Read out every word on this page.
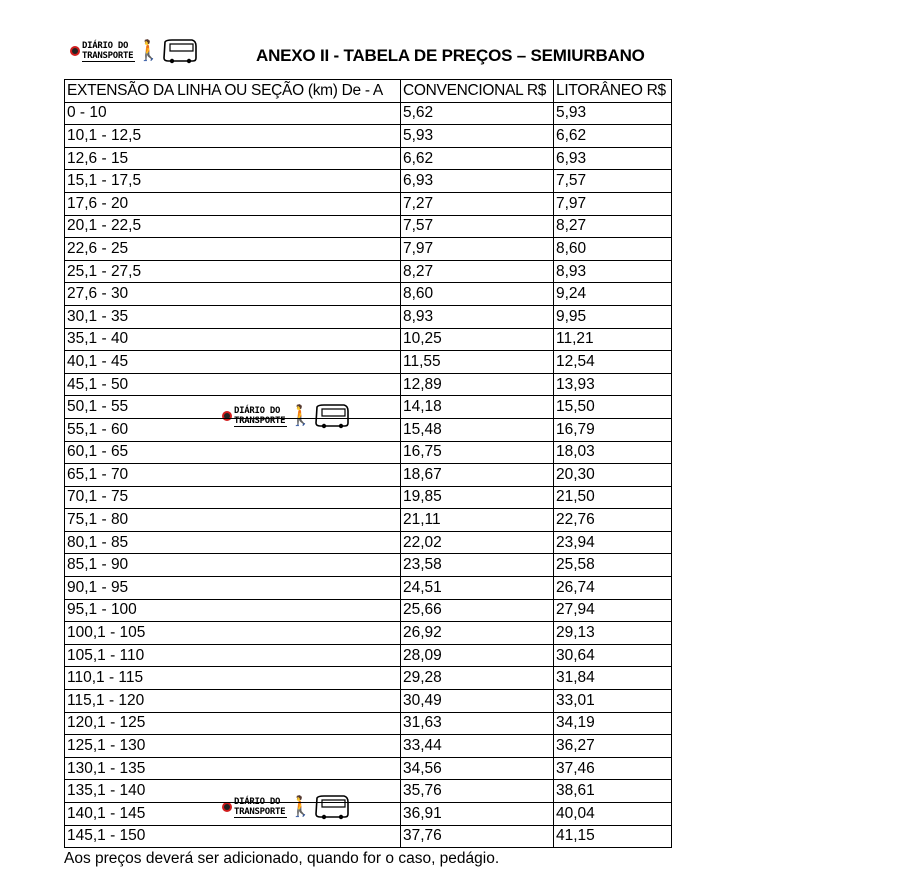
DIÁRIO DO
TRANSPORTE 🚶	ANEXO II - TABELA DE PREÇOS – SEMIURBANO
DIÁRIO DO
TRANSPORTE 🚶
DIÁRIO DO
TRANSPORTE 🚶
EXTENSÃO DA LINHA OU SEÇÃO (km) De - A	CONVENCIONAL R$	LITORÂNEO R$
0 - 10	5,62	5,93
10,1 - 12,5	5,93	6,62
12,6 - 15	6,62	6,93
15,1 - 17,5	6,93	7,57
17,6 - 20	7,27	7,97
20,1 - 22,5	7,57	8,27
22,6 - 25	7,97	8,60
25,1 - 27,5	8,27	8,93
27,6 - 30	8,60	9,24
30,1 - 35	8,93	9,95
35,1 - 40	10,25	11,21
40,1 - 45	11,55	12,54
45,1 - 50	12,89	13,93
50,1 - 55	14,18	15,50
55,1 - 60	15,48	16,79
60,1 - 65	16,75	18,03
65,1 - 70	18,67	20,30
70,1 - 75	19,85	21,50
75,1 - 80	21,11	22,76
80,1 - 85	22,02	23,94
85,1 - 90	23,58	25,58
90,1 - 95	24,51	26,74
95,1 - 100	25,66	27,94
100,1 - 105	26,92	29,13
105,1 - 110	28,09	30,64
110,1 - 115	29,28	31,84
115,1 - 120	30,49	33,01
120,1 - 125	31,63	34,19
125,1 - 130	33,44	36,27
130,1 - 135	34,56	37,46
135,1 - 140	35,76	38,61
140,1 - 145	36,91	40,04
145,1 - 150	37,76	41,15
Aos preços deverá ser adicionado, quando for o caso, pedágio.
